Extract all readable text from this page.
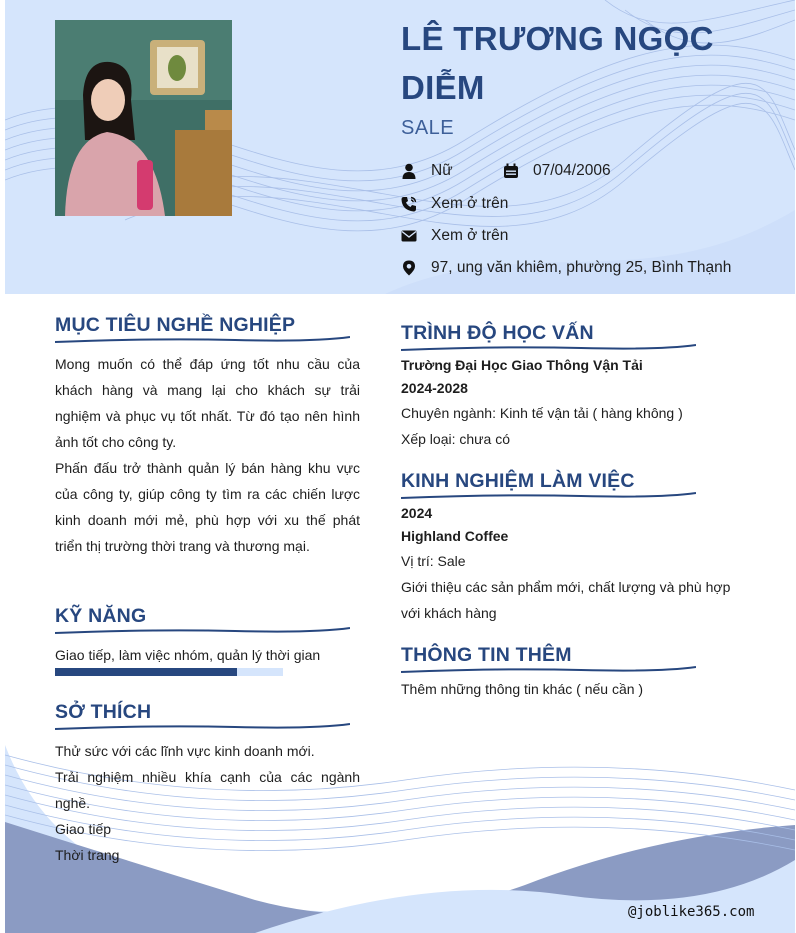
LÊ TRƯƠNG NGỌC DIỄM
SALE
Nữ	07/04/2006
Xem ở trên
Xem ở trên
97, ung văn khiêm, phường 25, Bình Thạnh
MỤC TIÊU NGHỀ NGHIỆP
Mong muốn có thể đáp ứng tốt nhu cầu của khách hàng và mang lại cho khách sự trải nghiệm và phục vụ tốt nhất. Từ đó tạo nên hình ảnh tốt cho công ty.
Phấn đấu trở thành quản lý bán hàng khu vực của công ty, giúp công ty tìm ra các chiến lược kinh doanh mới mẻ, phù hợp với xu thế phát triển thị trường thời trang và thương mại.
KỸ NĂNG
Giao tiếp, làm việc nhóm, quản lý thời gian
SỞ THÍCH
Thử sức với các lĩnh vực kinh doanh mới.
Trải nghiệm nhiều khía cạnh của các ngành nghề.
Giao tiếp
Thời trang
TRÌNH ĐỘ HỌC VẤN
Trường Đại Học Giao Thông Vận Tải
2024-2028
Chuyên ngành: Kinh tế vận tải ( hàng không )
Xếp loại: chưa có
KINH NGHIỆM LÀM VIỆC
2024
Highland Coffee
Vị trí: Sale
Giới thiệu các sản phẩm mới, chất lượng và phù hợp với khách hàng
THÔNG TIN THÊM
Thêm những thông tin khác ( nếu cần )
@joblike365.com
